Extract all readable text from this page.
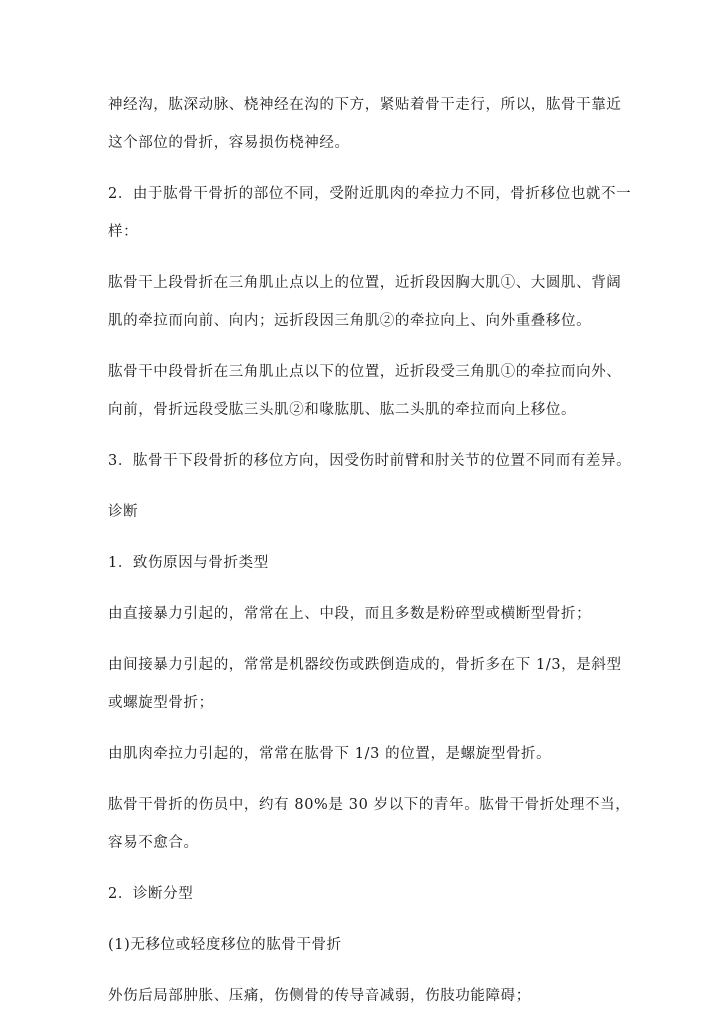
神经沟，肱深动脉、桡神经在沟的下方，紧贴着骨干走行，所以，肱骨干靠近
这个部位的骨折，容易损伤桡神经。

2．由于肱骨干骨折的部位不同，受附近肌肉的牵拉力不同，骨折移位也就不一
样：

肱骨干上段骨折在三角肌止点以上的位置，近折段因胸大肌①、大圆肌、背阔
肌的牵拉而向前、向内；远折段因三角肌②的牵拉向上、向外重叠移位。

肱骨干中段骨折在三角肌止点以下的位置，近折段受三角肌①的牵拉而向外、
向前，骨折远段受肱三头肌②和喙肱肌、肱二头肌的牵拉而向上移位。

3．肱骨干下段骨折的移位方向，因受伤时前臂和肘关节的位置不同而有差异。

诊断

1．致伤原因与骨折类型

由直接暴力引起的，常常在上、中段，而且多数是粉碎型或横断型骨折；

由间接暴力引起的，常常是机器绞伤或跌倒造成的，骨折多在下 1/3，是斜型
或螺旋型骨折；

由肌肉牵拉力引起的，常常在肱骨下 1/3 的位置，是螺旋型骨折。

肱骨干骨折的伤员中，约有 80%是 30 岁以下的青年。肱骨干骨折处理不当，
容易不愈合。

2．诊断分型

(1)无移位或轻度移位的肱骨干骨折

外伤后局部肿胀、压痛，伤侧骨的传导音减弱，伤肢功能障碍；
